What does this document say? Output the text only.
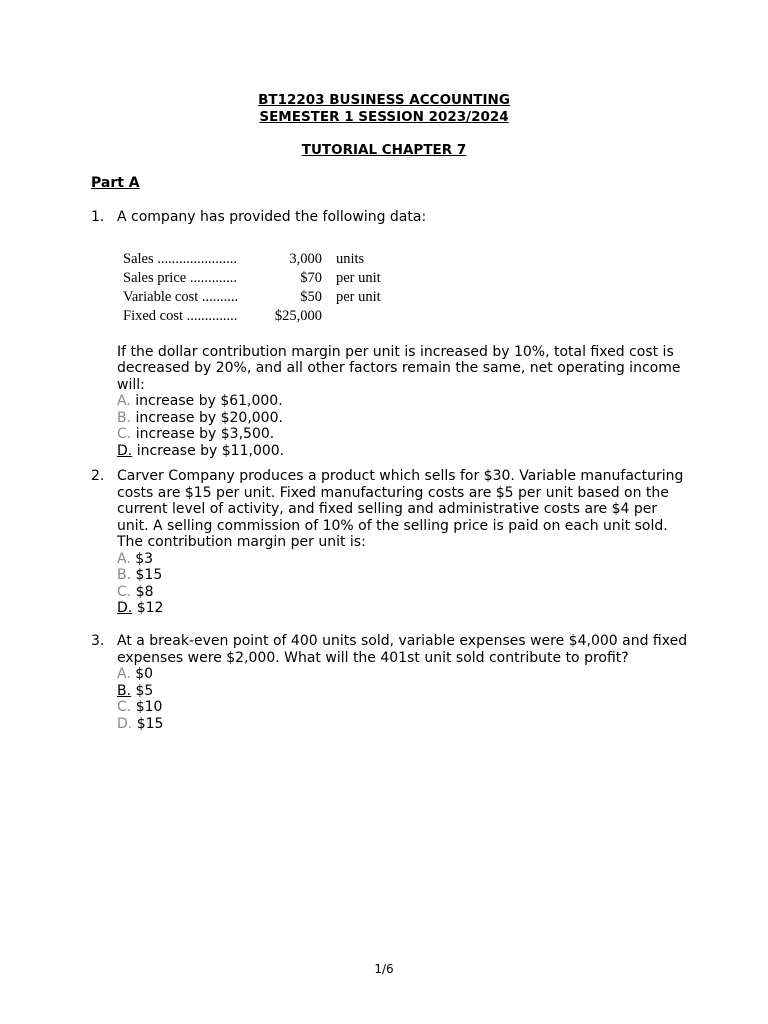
BT12203 BUSINESS ACCOUNTING
SEMESTER 1 SESSION 2023/2024
TUTORIAL CHAPTER 7
Part A
1. A company has provided the following data:

Sales ......................	3,000	units
Sales price .............	$70	per unit
Variable cost ..........	$50	per unit
Fixed cost ..............	$25,000	

If the dollar contribution margin per unit is increased by 10%, total fixed cost is decreased by 20%, and all other factors remain the same, net operating income will:

A. increase by $61,000.

B. increase by $20,000.

C. increase by $3,500.

D. increase by $11,000.

2. Carver Company produces a product which sells for $30. Variable manufacturing costs are $15 per unit. Fixed manufacturing costs are $5 per unit based on the current level of activity, and fixed selling and administrative costs are $4 per unit. A selling commission of 10% of the selling price is paid on each unit sold. The contribution margin per unit is:

A. $3

B. $15

C. $8

D. $12

3. At a break-even point of 400 units sold, variable expenses were $4,000 and fixed expenses were $2,000. What will the 401st unit sold contribute to profit?

A. $0

B. $5

C. $10

D. $15

1/6
